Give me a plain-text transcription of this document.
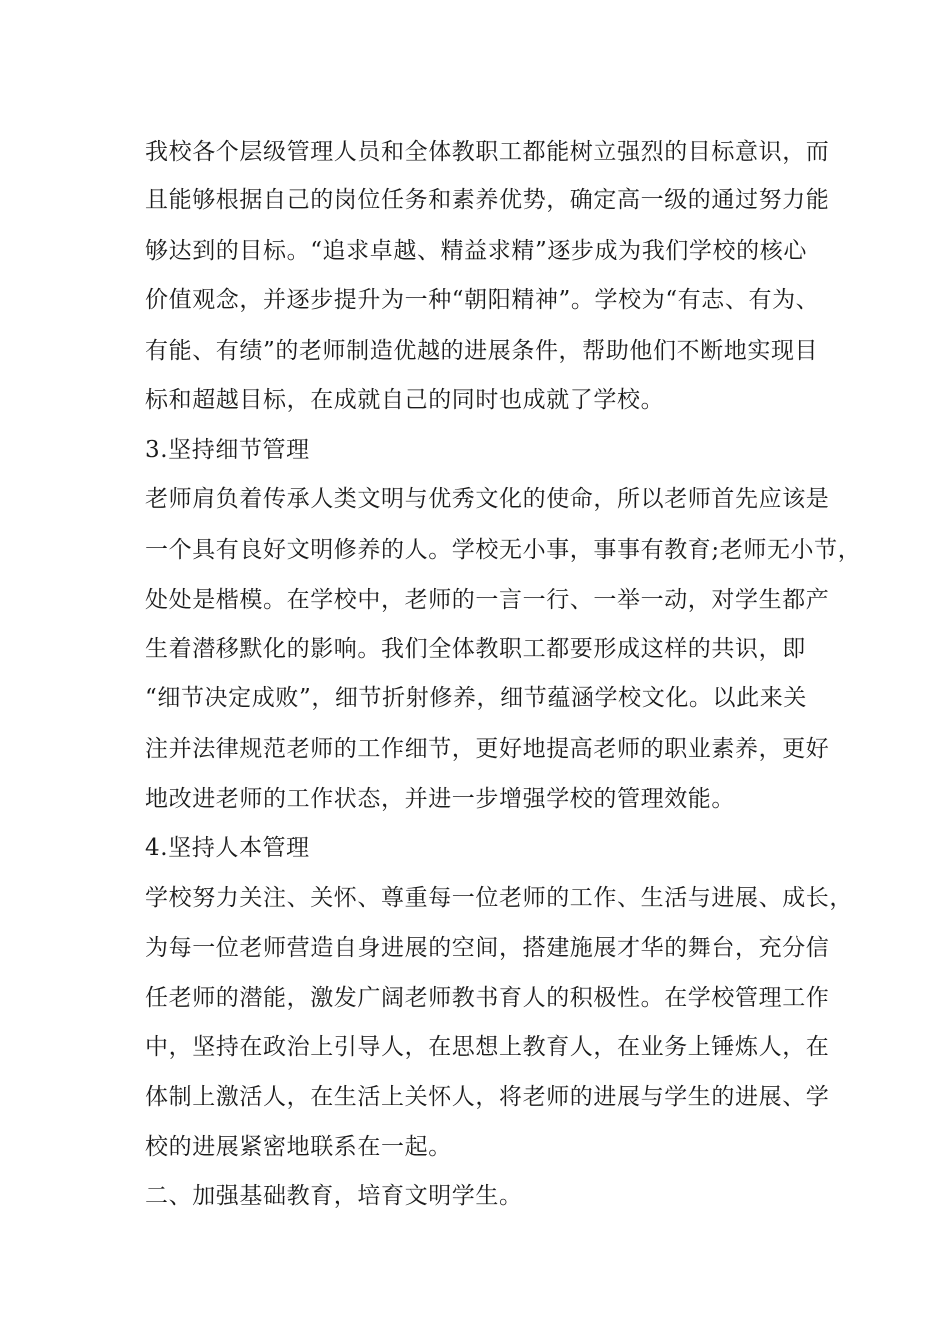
我校各个层级管理人员和全体教职工都能树立强烈的目标意识，而
且能够根据自己的岗位任务和素养优势，确定高一级的通过努力能
够达到的目标。“追求卓越、精益求精”逐步成为我们学校的核心
价值观念，并逐步提升为一种“朝阳精神”。学校为“有志、有为、
有能、有绩”的老师制造优越的进展条件，帮助他们不断地实现目
标和超越目标，在成就自己的同时也成就了学校。
3.坚持细节管理
老师肩负着传承人类文明与优秀文化的使命，所以老师首先应该是
一个具有良好文明修养的人。学校无小事，事事有教育;老师无小节，
处处是楷模。在学校中，老师的一言一行、一举一动，对学生都产
生着潜移默化的影响。我们全体教职工都要形成这样的共识，即
“细节决定成败”，细节折射修养，细节蕴涵学校文化。以此来关
注并法律规范老师的工作细节，更好地提高老师的职业素养，更好
地改进老师的工作状态，并进一步增强学校的管理效能。
4.坚持人本管理
学校努力关注、关怀、尊重每一位老师的工作、生活与进展、成长，
为每一位老师营造自身进展的空间，搭建施展才华的舞台，充分信
任老师的潜能，激发广阔老师教书育人的积极性。在学校管理工作
中，坚持在政治上引导人，在思想上教育人，在业务上锤炼人，在
体制上激活人，在生活上关怀人，将老师的进展与学生的进展、学
校的进展紧密地联系在一起。
二、加强基础教育，培育文明学生。
